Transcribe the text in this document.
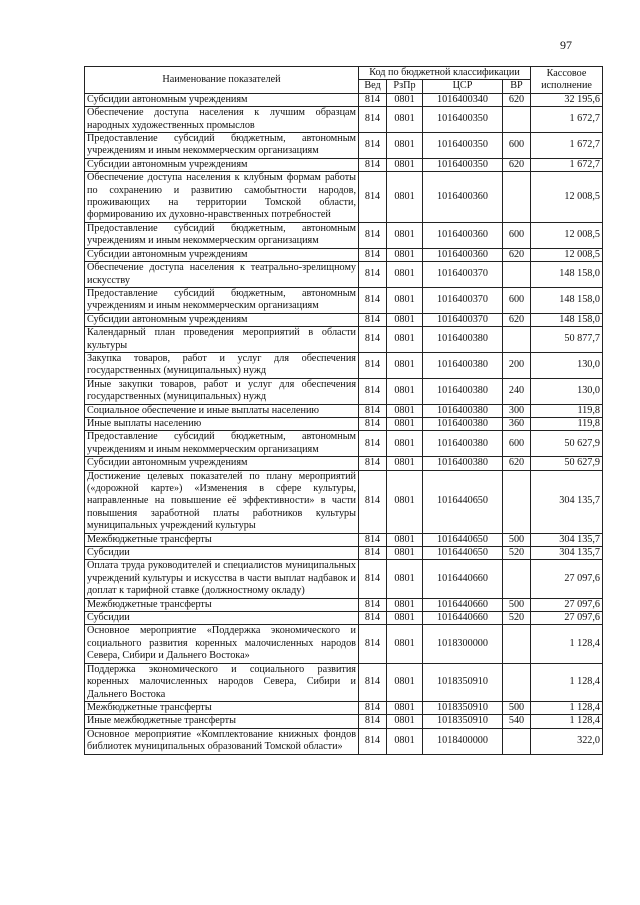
97
Наименование показателей	Код по бюджетной классификации				Кассовое исполнение
	Вед	РзПр	ЦСР	ВР	
Субсидии автономным учреждениям	814	0801	1016400340	620	32 195,6
Обеспечение доступа населения к лучшим образцам народных художественных промыслов	814	0801	1016400350		1 672,7
Предоставление субсидий бюджетным, автономным учреждениям и иным некоммерческим организациям	814	0801	1016400350	600	1 672,7
Субсидии автономным учреждениям	814	0801	1016400350	620	1 672,7
Обеспечение доступа населения к клубным формам работы по сохранению и развитию самобытности народов, проживающих на территории Томской области, формированию их духовно-нравственных потребностей	814	0801	1016400360		12 008,5
Предоставление субсидий бюджетным, автономным учреждениям и иным некоммерческим организациям	814	0801	1016400360	600	12 008,5
Субсидии автономным учреждениям	814	0801	1016400360	620	12 008,5
Обеспечение доступа населения к театрально-зрелищному искусству	814	0801	1016400370		148 158,0
Предоставление субсидий бюджетным, автономным учреждениям и иным некоммерческим организациям	814	0801	1016400370	600	148 158,0
Субсидии автономным учреждениям	814	0801	1016400370	620	148 158,0
Календарный план проведения мероприятий в области культуры	814	0801	1016400380		50 877,7
Закупка товаров, работ и услуг для обеспечения государственных (муниципальных) нужд	814	0801	1016400380	200	130,0
Иные закупки товаров, работ и услуг для обеспечения государственных (муниципальных) нужд	814	0801	1016400380	240	130,0
Социальное обеспечение и иные выплаты населению	814	0801	1016400380	300	119,8
Иные выплаты населению	814	0801	1016400380	360	119,8
Предоставление субсидий бюджетным, автономным учреждениям и иным некоммерческим организациям	814	0801	1016400380	600	50 627,9
Субсидии автономным учреждениям	814	0801	1016400380	620	50 627,9
Достижение целевых показателей по плану мероприятий («дорожной карте») «Изменения в сфере культуры, направленные на повышение её эффективности» в части повышения заработной платы работников культуры муниципальных учреждений культуры	814	0801	1016440650		304 135,7
Межбюджетные трансферты	814	0801	1016440650	500	304 135,7
Субсидии	814	0801	1016440650	520	304 135,7
Оплата труда руководителей и специалистов муниципальных учреждений культуры и искусства в части выплат надбавок и доплат к тарифной ставке (должностному окладу)	814	0801	1016440660		27 097,6
Межбюджетные трансферты	814	0801	1016440660	500	27 097,6
Субсидии	814	0801	1016440660	520	27 097,6
Основное мероприятие «Поддержка экономического и социального развития коренных малочисленных народов Севера, Сибири и Дальнего Востока»	814	0801	1018300000		1 128,4
Поддержка экономического и социального развития коренных малочисленных народов Севера, Сибири и Дальнего Востока	814	0801	1018350910		1 128,4
Межбюджетные трансферты	814	0801	1018350910	500	1 128,4
Иные межбюджетные трансферты	814	0801	1018350910	540	1 128,4
Основное мероприятие «Комплектование книжных фондов библиотек муниципальных образований Томской области»	814	0801	1018400000		322,0
